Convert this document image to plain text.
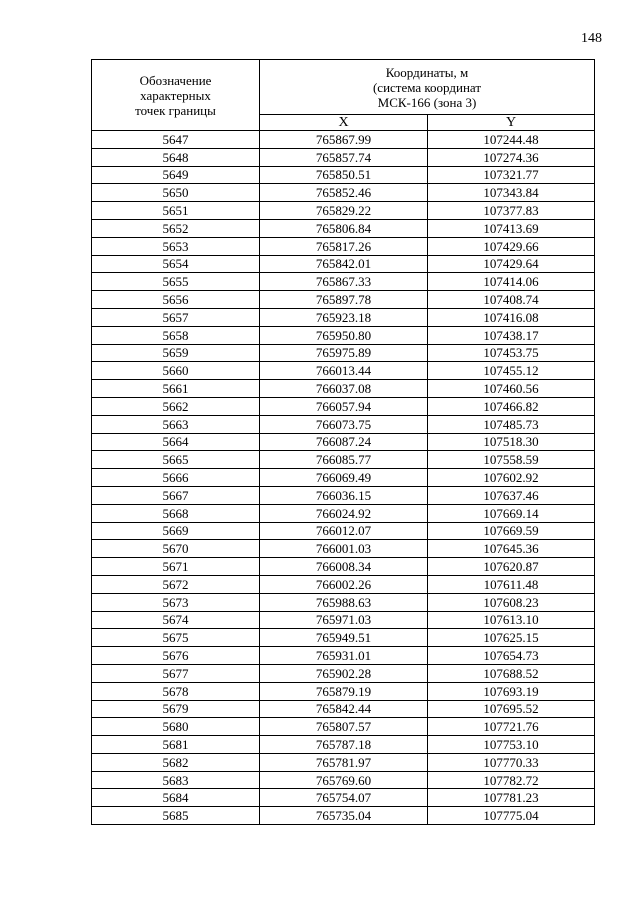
148
Обозначение
характерных
точек границы	Координаты, м
(система координат
МСК-166 (зона 3)	

	X	Y
5647	765867.99	107244.48
5648	765857.74	107274.36
5649	765850.51	107321.77
5650	765852.46	107343.84
5651	765829.22	107377.83
5652	765806.84	107413.69
5653	765817.26	107429.66
5654	765842.01	107429.64
5655	765867.33	107414.06
5656	765897.78	107408.74
5657	765923.18	107416.08
5658	765950.80	107438.17
5659	765975.89	107453.75
5660	766013.44	107455.12
5661	766037.08	107460.56
5662	766057.94	107466.82
5663	766073.75	107485.73
5664	766087.24	107518.30
5665	766085.77	107558.59
5666	766069.49	107602.92
5667	766036.15	107637.46
5668	766024.92	107669.14
5669	766012.07	107669.59
5670	766001.03	107645.36
5671	766008.34	107620.87
5672	766002.26	107611.48
5673	765988.63	107608.23
5674	765971.03	107613.10
5675	765949.51	107625.15
5676	765931.01	107654.73
5677	765902.28	107688.52
5678	765879.19	107693.19
5679	765842.44	107695.52
5680	765807.57	107721.76
5681	765787.18	107753.10
5682	765781.97	107770.33
5683	765769.60	107782.72
5684	765754.07	107781.23
5685	765735.04	107775.04
